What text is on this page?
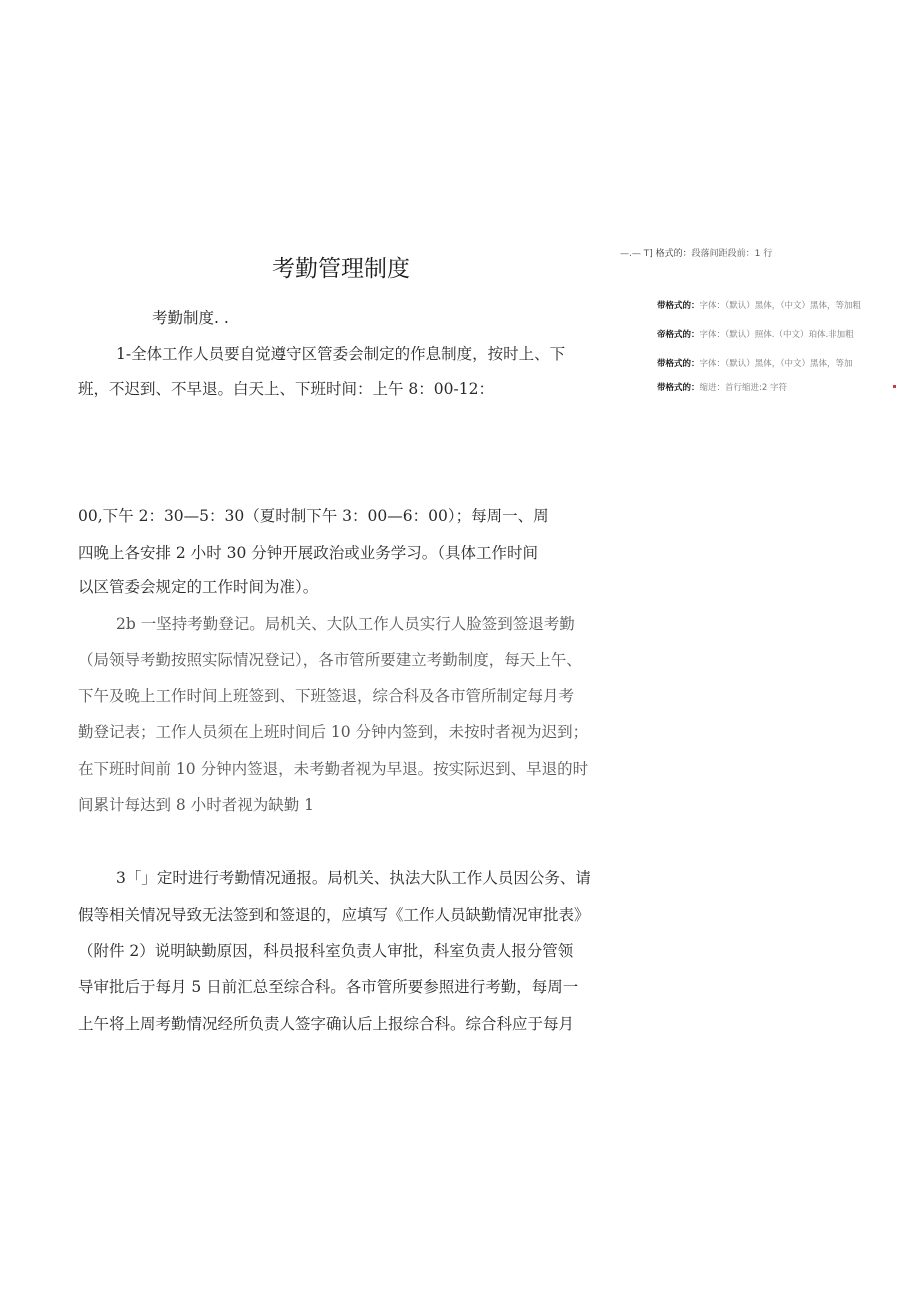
考勤管理制度
考勤制度. .
1-全体工作人员要自觉遵守区管委会制定的作息制度，按时上、下
班，不迟到、不早退。白天上、下班时间：上午 8：00-12：
00,下午 2：30—5：30（夏时制下午 3：00—6：00）；每周一、周
四晚上各安排 2 小时 30 分钟开展政治或业务学习。（具体工作时间
以区管委会规定的工作时间为准）。
2b 一坚持考勤登记。局机关、大队工作人员实行人脸签到签退考勤
（局领导考勤按照实际情况登记），各市管所要建立考勤制度，每天上午、
下午及晚上工作时间上班签到、下班签退，综合科及各市管所制定每月考
勤登记表；工作人员须在上班时间后 10 分钟内签到，未按时者视为迟到；
在下班时间前 10 分钟内签退，未考勤者视为早退。按实际迟到、早退的时
间累计每达到 8 小时者视为缺勤 1
3「」定时进行考勤情况通报。局机关、执法大队工作人员因公务、请
假等相关情况导致无法签到和签退的，应填写《工作人员缺勤情况审批表》
（附件 2）说明缺勤原因，科员报科室负责人审批，科室负责人报分管领
导审批后于每月 5 日前汇总至综合科。各市管所要参照进行考勤，每周一
上午将上周考勤情况经所负责人签字确认后上报综合科。综合科应于每月
—.— T] 格式的：段落间距段前：1 行
带格式的：字体：（默认）黑体，（中文）黑体，等加粗
帝格式的：字体：（默认）照体.（中文）珀体.非加粗
带格式的：字体：（默认）黑体，（中文）黑体，等加
带格式的：缩进：首行缩进:2 字符
